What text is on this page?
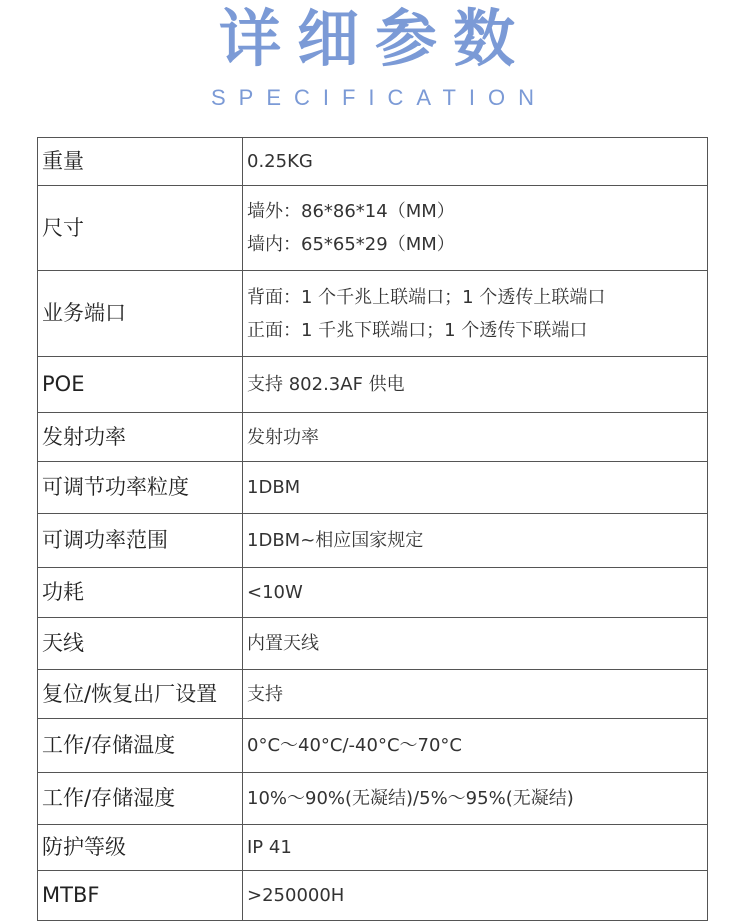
详细参数
SPECIFICATION
重量	0.25KG

尺寸	墙外：86*86*14（MM）
墙内：65*65*29（MM）

业务端口	背面：1 个千兆上联端口；1 个透传上联端口
正面：1 千兆下联端口；1 个透传下联端口

POE	支持 802.3AF 供电

发射功率	发射功率

可调节功率粒度	1DBM

可调功率范围	1DBM~相应国家规定

功耗	<10W

天线	内置天线

复位/恢复出厂设置	支持

工作/存储温度	0°C～40°C/-40°C～70°C

工作/存储湿度	10%～90%(无凝结)/5%～95%(无凝结)

防护等级	IP 41

MTBF	>250000H
